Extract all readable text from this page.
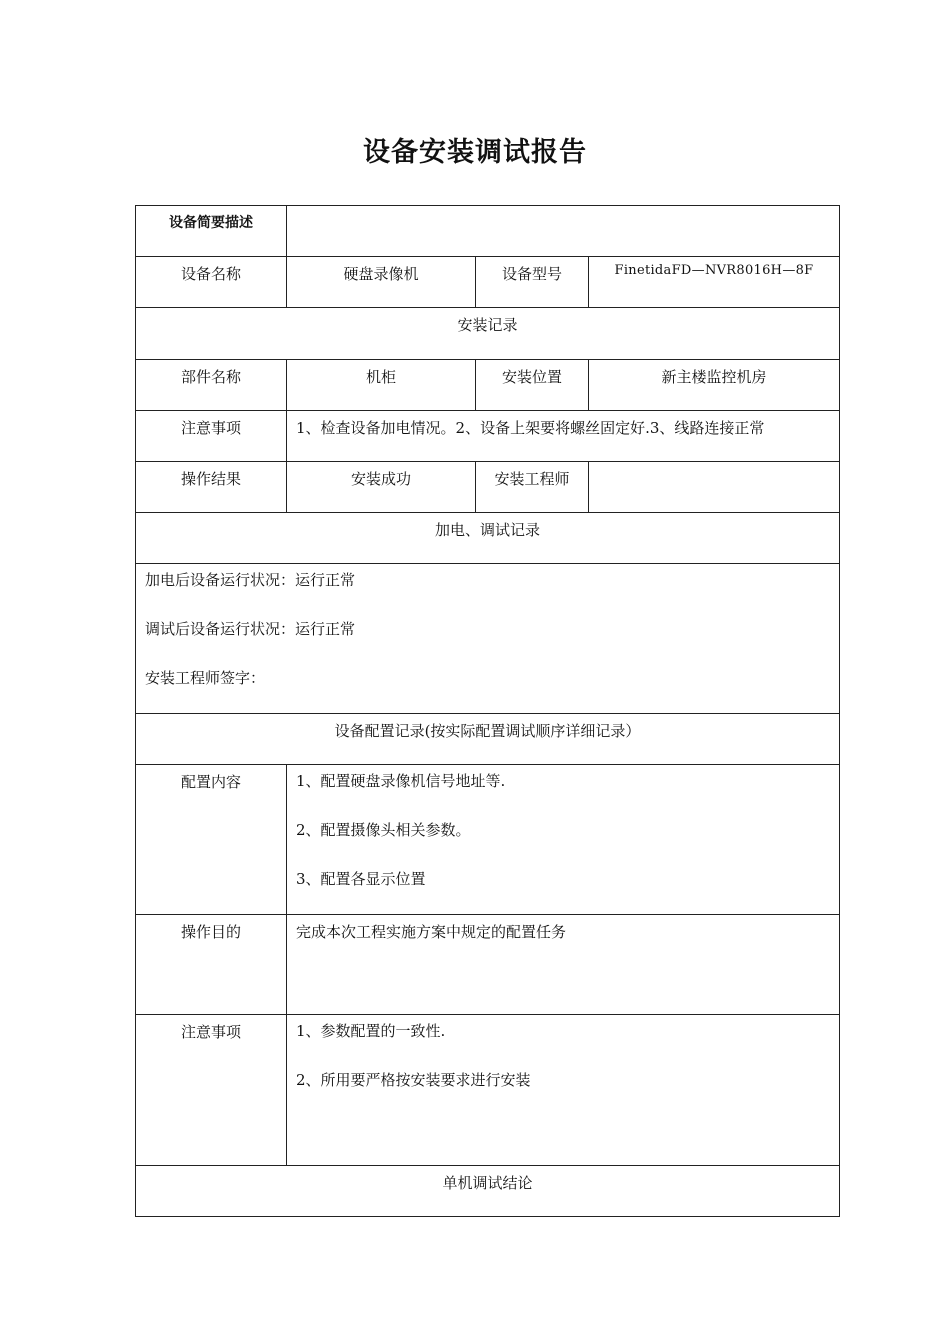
设备安装调试报告
设备简要描述			
设备名称	硬盘录像机	设备型号	FinetidaFD—NVR8016H—8F
安装记录			
部件名称	机柜	安装位置	新主楼监控机房
注意事项	1、检查设备加电情况。2、设备上架要将螺丝固定好.3、线路连接正常		
操作结果	安装成功	安装工程师	
加电、调试记录			

加电后设备运行状况：运行正常
调试后设备运行状况：运行正常
安装工程师签字：			

设备配置记录(按实际配置调试顺序详细记录）			
配置内容	1、配置硬盘录像机信号地址等.
2、配置摄像头相关参数。
3、配置各显示位置		

操作目的	完成本次工程实施方案中规定的配置任务		
注意事项	1、参数配置的一致性.
2、所用要严格按安装要求进行安装		

单机调试结论			
